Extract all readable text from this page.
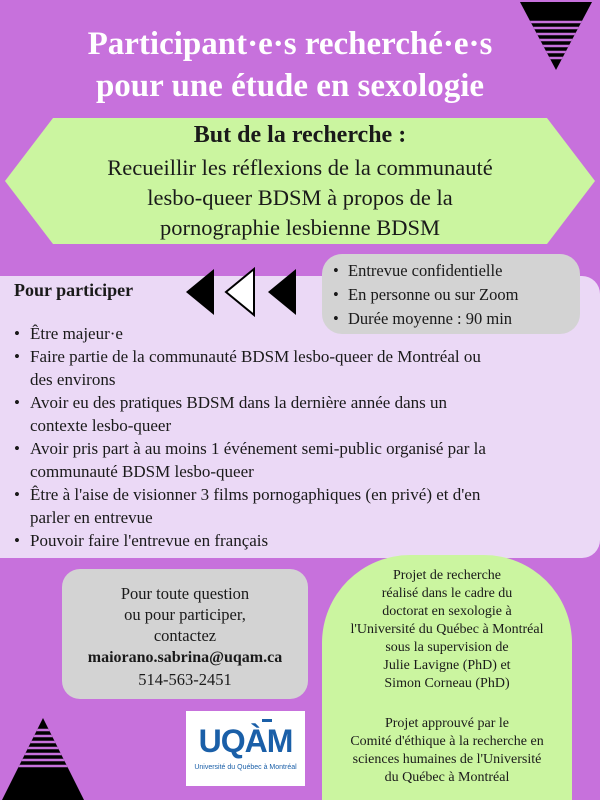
Participant·e·s recherché·e·s
pour une étude en sexologie
But de la recherche :
Recueillir les réflexions de la communauté
lesbo-queer BDSM à propos de la
pornographie lesbienne BDSM
Pour participer
• Être majeur·e
• Faire partie de la communauté BDSM lesbo-queer de Montréal ou
des environs
• Avoir eu des pratiques BDSM dans la dernière année dans un
contexte lesbo-queer
• Avoir pris part à au moins 1 événement semi-public organisé par la
communauté BDSM lesbo-queer
• Être à l'aise de visionner 3 films pornogaphiques (en privé) et d'en
parler en entrevue
• Pouvoir faire l'entrevue en français
• Entrevue confidentielle
• En personne ou sur Zoom
• Durée moyenne : 90 min
Pour toute question
ou pour participer,
contactez
maiorano.sabrina@uqam.ca
514-563-2451
Projet de recherche
réalisé dans le cadre du
doctorat en sexologie à
l'Université du Québec à Montréal
sous la supervision de
Julie Lavigne (PhD) et
Simon Corneau (PhD)
Projet approuvé par le
Comité d'éthique à la recherche en
sciences humaines de l'Université
du Québec à Montréal
UQÀM
Université du Québec à Montréal
